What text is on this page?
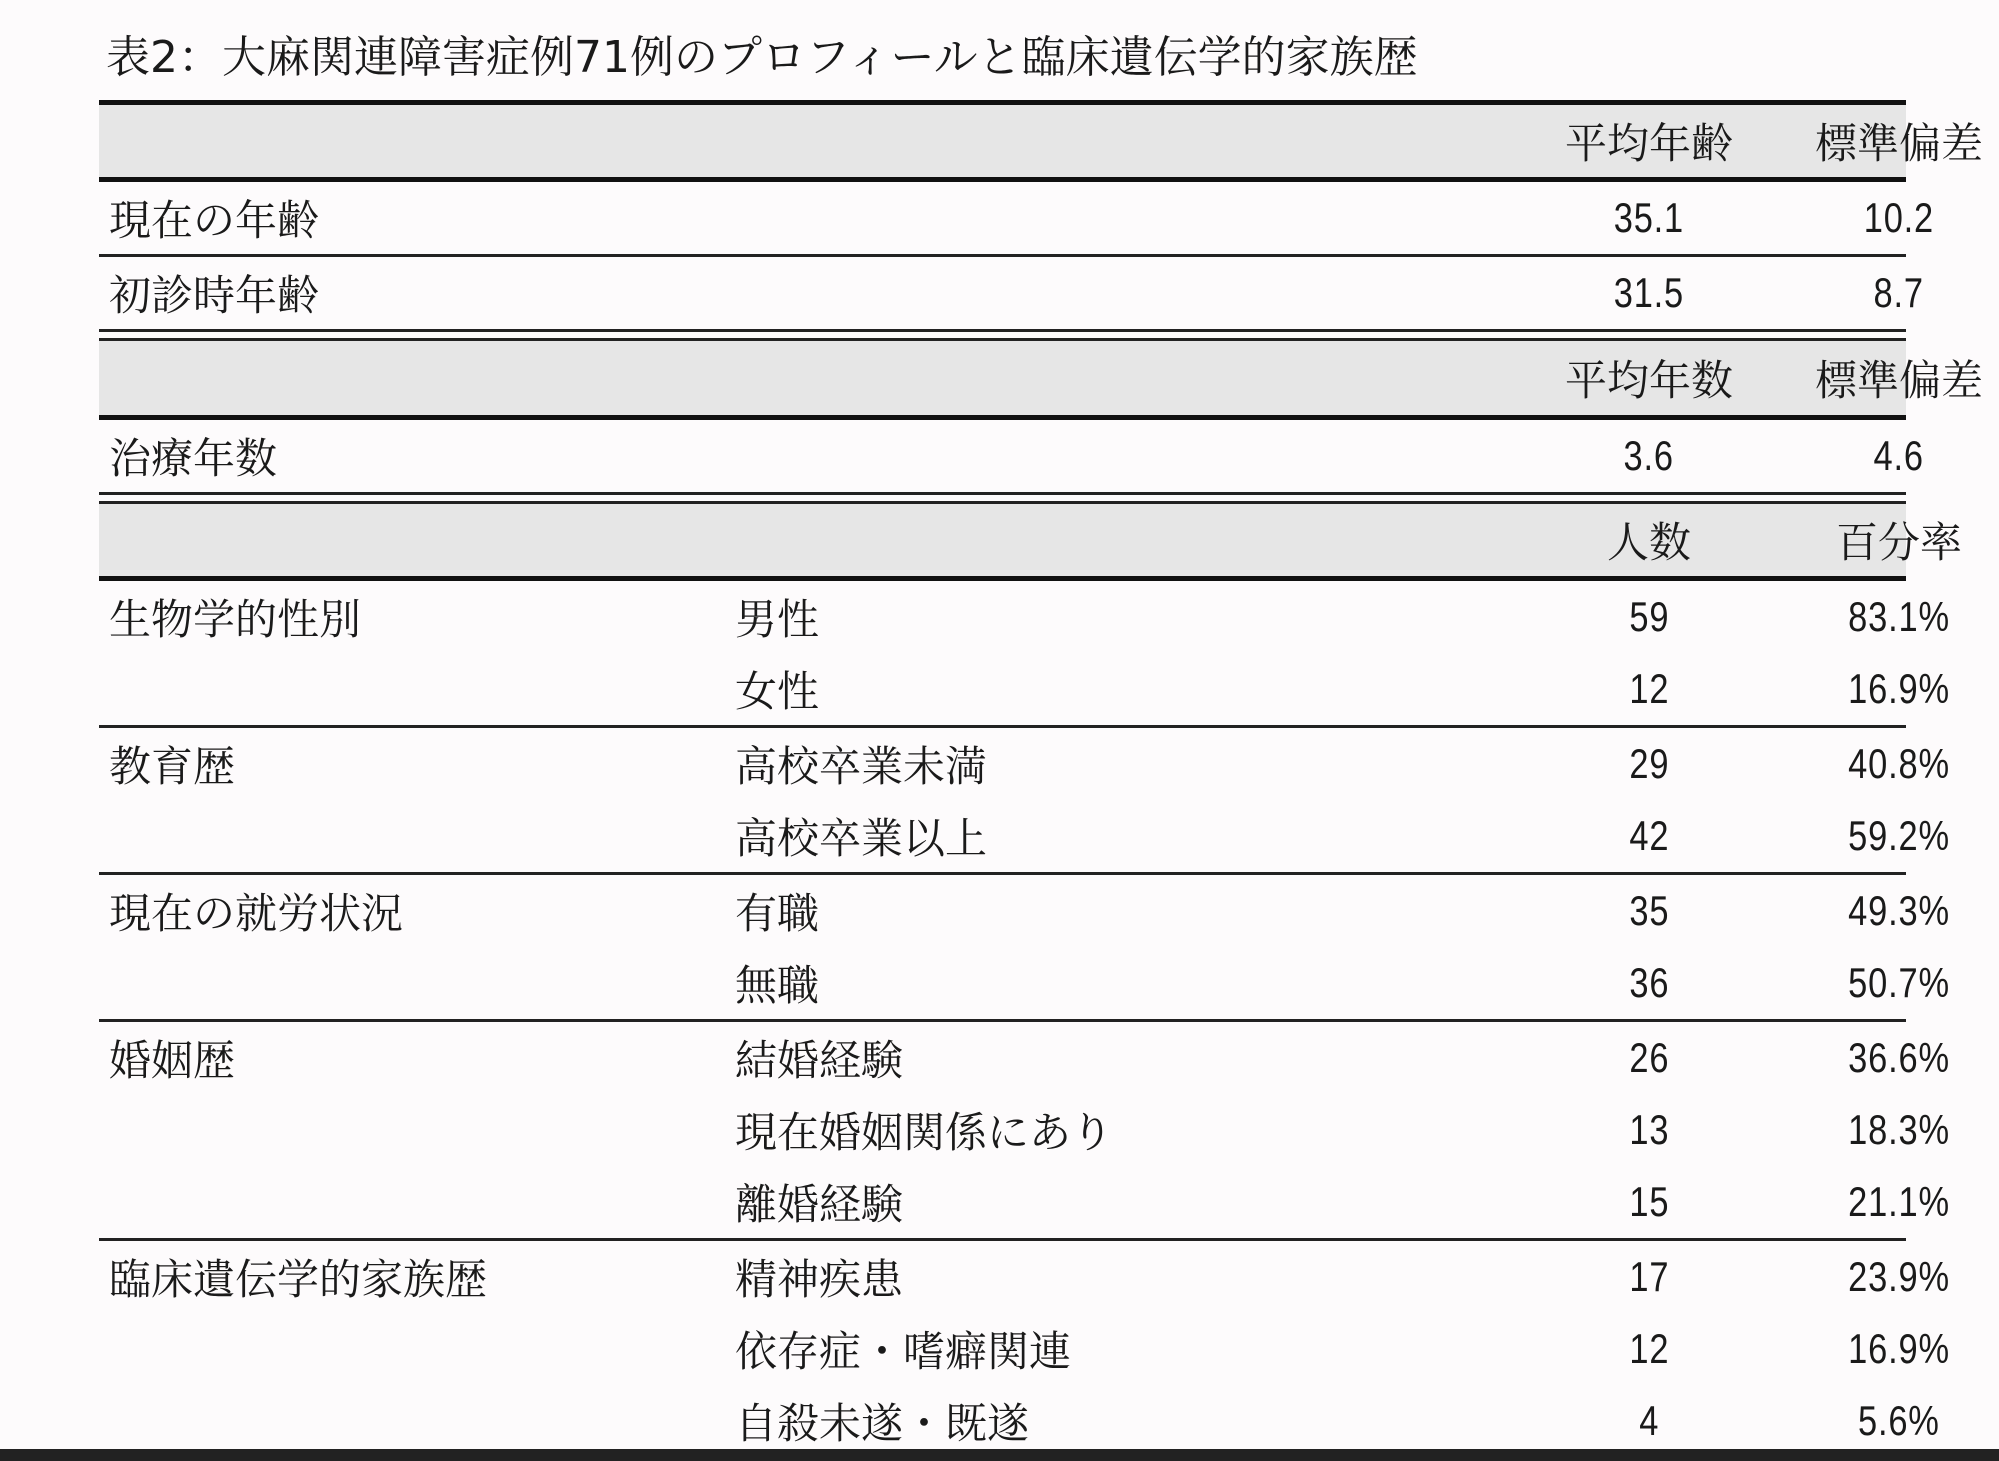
表2：大麻関連障害症例71例のプロフィールと臨床遺伝学的家族歴
平均年齢	標準偏差
現在の年齢	35.1	10.2
初診時年齢	31.5	8.7
平均年数	標準偏差
治療年数	3.6	4.6
人数	百分率
生物学的性別	男性	59	83.1%
女性	12	16.9%
教育歴	高校卒業未満	29	40.8%
高校卒業以上	42	59.2%
現在の就労状況	有職	35	49.3%
無職	36	50.7%
婚姻歴	結婚経験	26	36.6%
現在婚姻関係にあり	13	18.3%
離婚経験	15	21.1%
臨床遺伝学的家族歴	精神疾患	17	23.9%
依存症・嗜癖関連	12	16.9%
自殺未遂・既遂	4	5.6%
